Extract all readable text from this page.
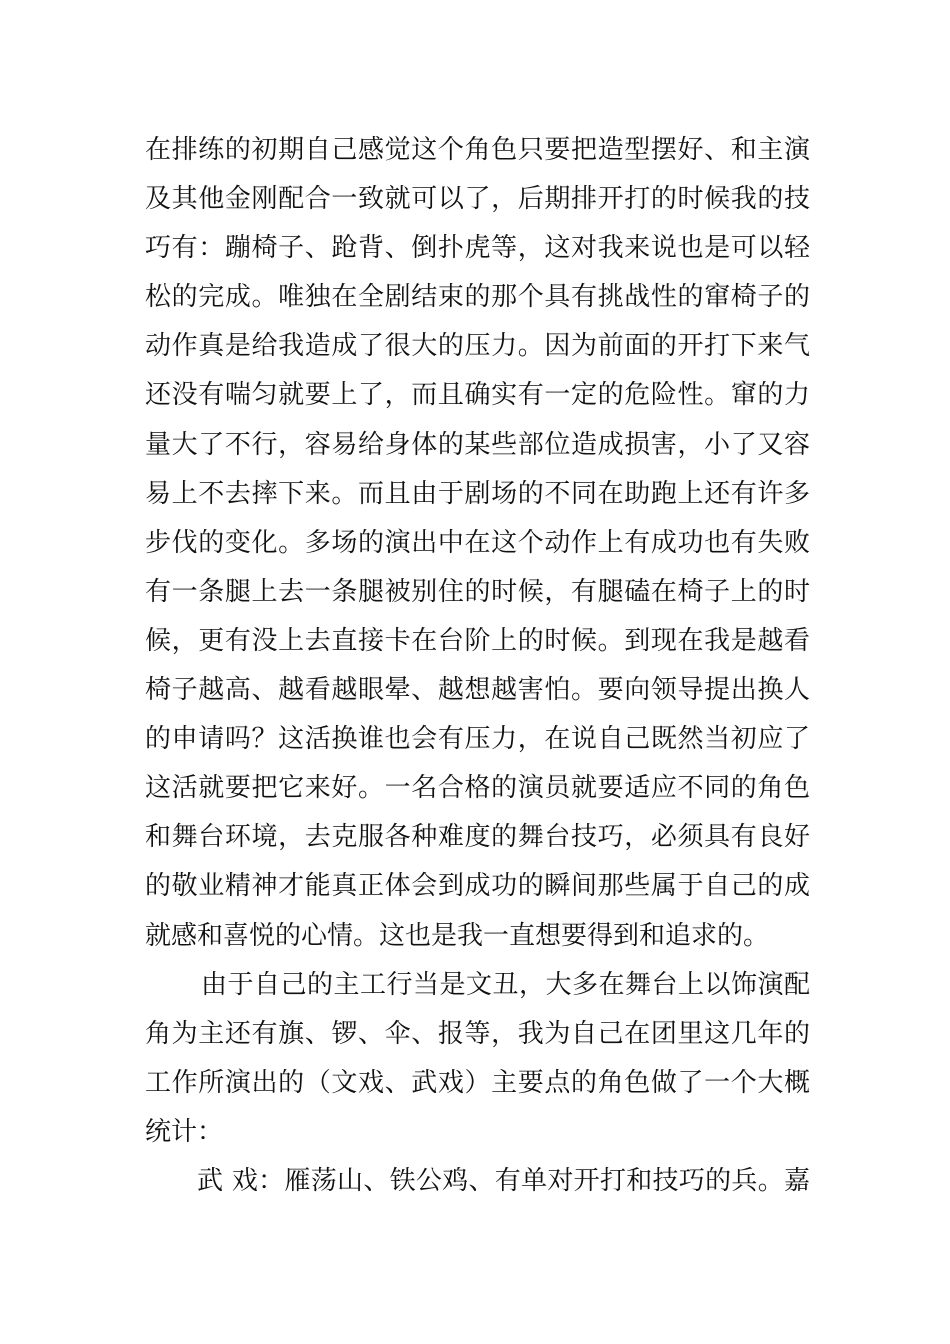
在排练的初期自己感觉这个角色只要把造型摆好、和主演
及其他金刚配合一致就可以了，后期排开打的时候我的技
巧有：蹦椅子、跄背、倒扑虎等，这对我来说也是可以轻
松的完成。唯独在全剧结束的那个具有挑战性的窜椅子的
动作真是给我造成了很大的压力。因为前面的开打下来气
还没有喘匀就要上了，而且确实有一定的危险性。窜的力
量大了不行，容易给身体的某些部位造成损害，小了又容
易上不去摔下来。而且由于剧场的不同在助跑上还有许多
步伐的变化。多场的演出中在这个动作上有成功也有失败
有一条腿上去一条腿被别住的时候，有腿磕在椅子上的时
候，更有没上去直接卡在台阶上的时候。到现在我是越看
椅子越高、越看越眼晕、越想越害怕。要向领导提出换人
的申请吗？这活换谁也会有压力，在说自己既然当初应了
这活就要把它来好。一名合格的演员就要适应不同的角色
和舞台环境，去克服各种难度的舞台技巧，必须具有良好
的敬业精神才能真正体会到成功的瞬间那些属于自己的成
就感和喜悦的心情。这也是我一直想要得到和追求的。
由于自己的主工行当是文丑，大多在舞台上以饰演配
角为主还有旗、锣、伞、报等，我为自己在团里这几年的
工作所演出的（文戏、武戏）主要点的角色做了一个大概
统计：
武 戏：雁荡山、铁公鸡、有单对开打和技巧的兵。嘉
